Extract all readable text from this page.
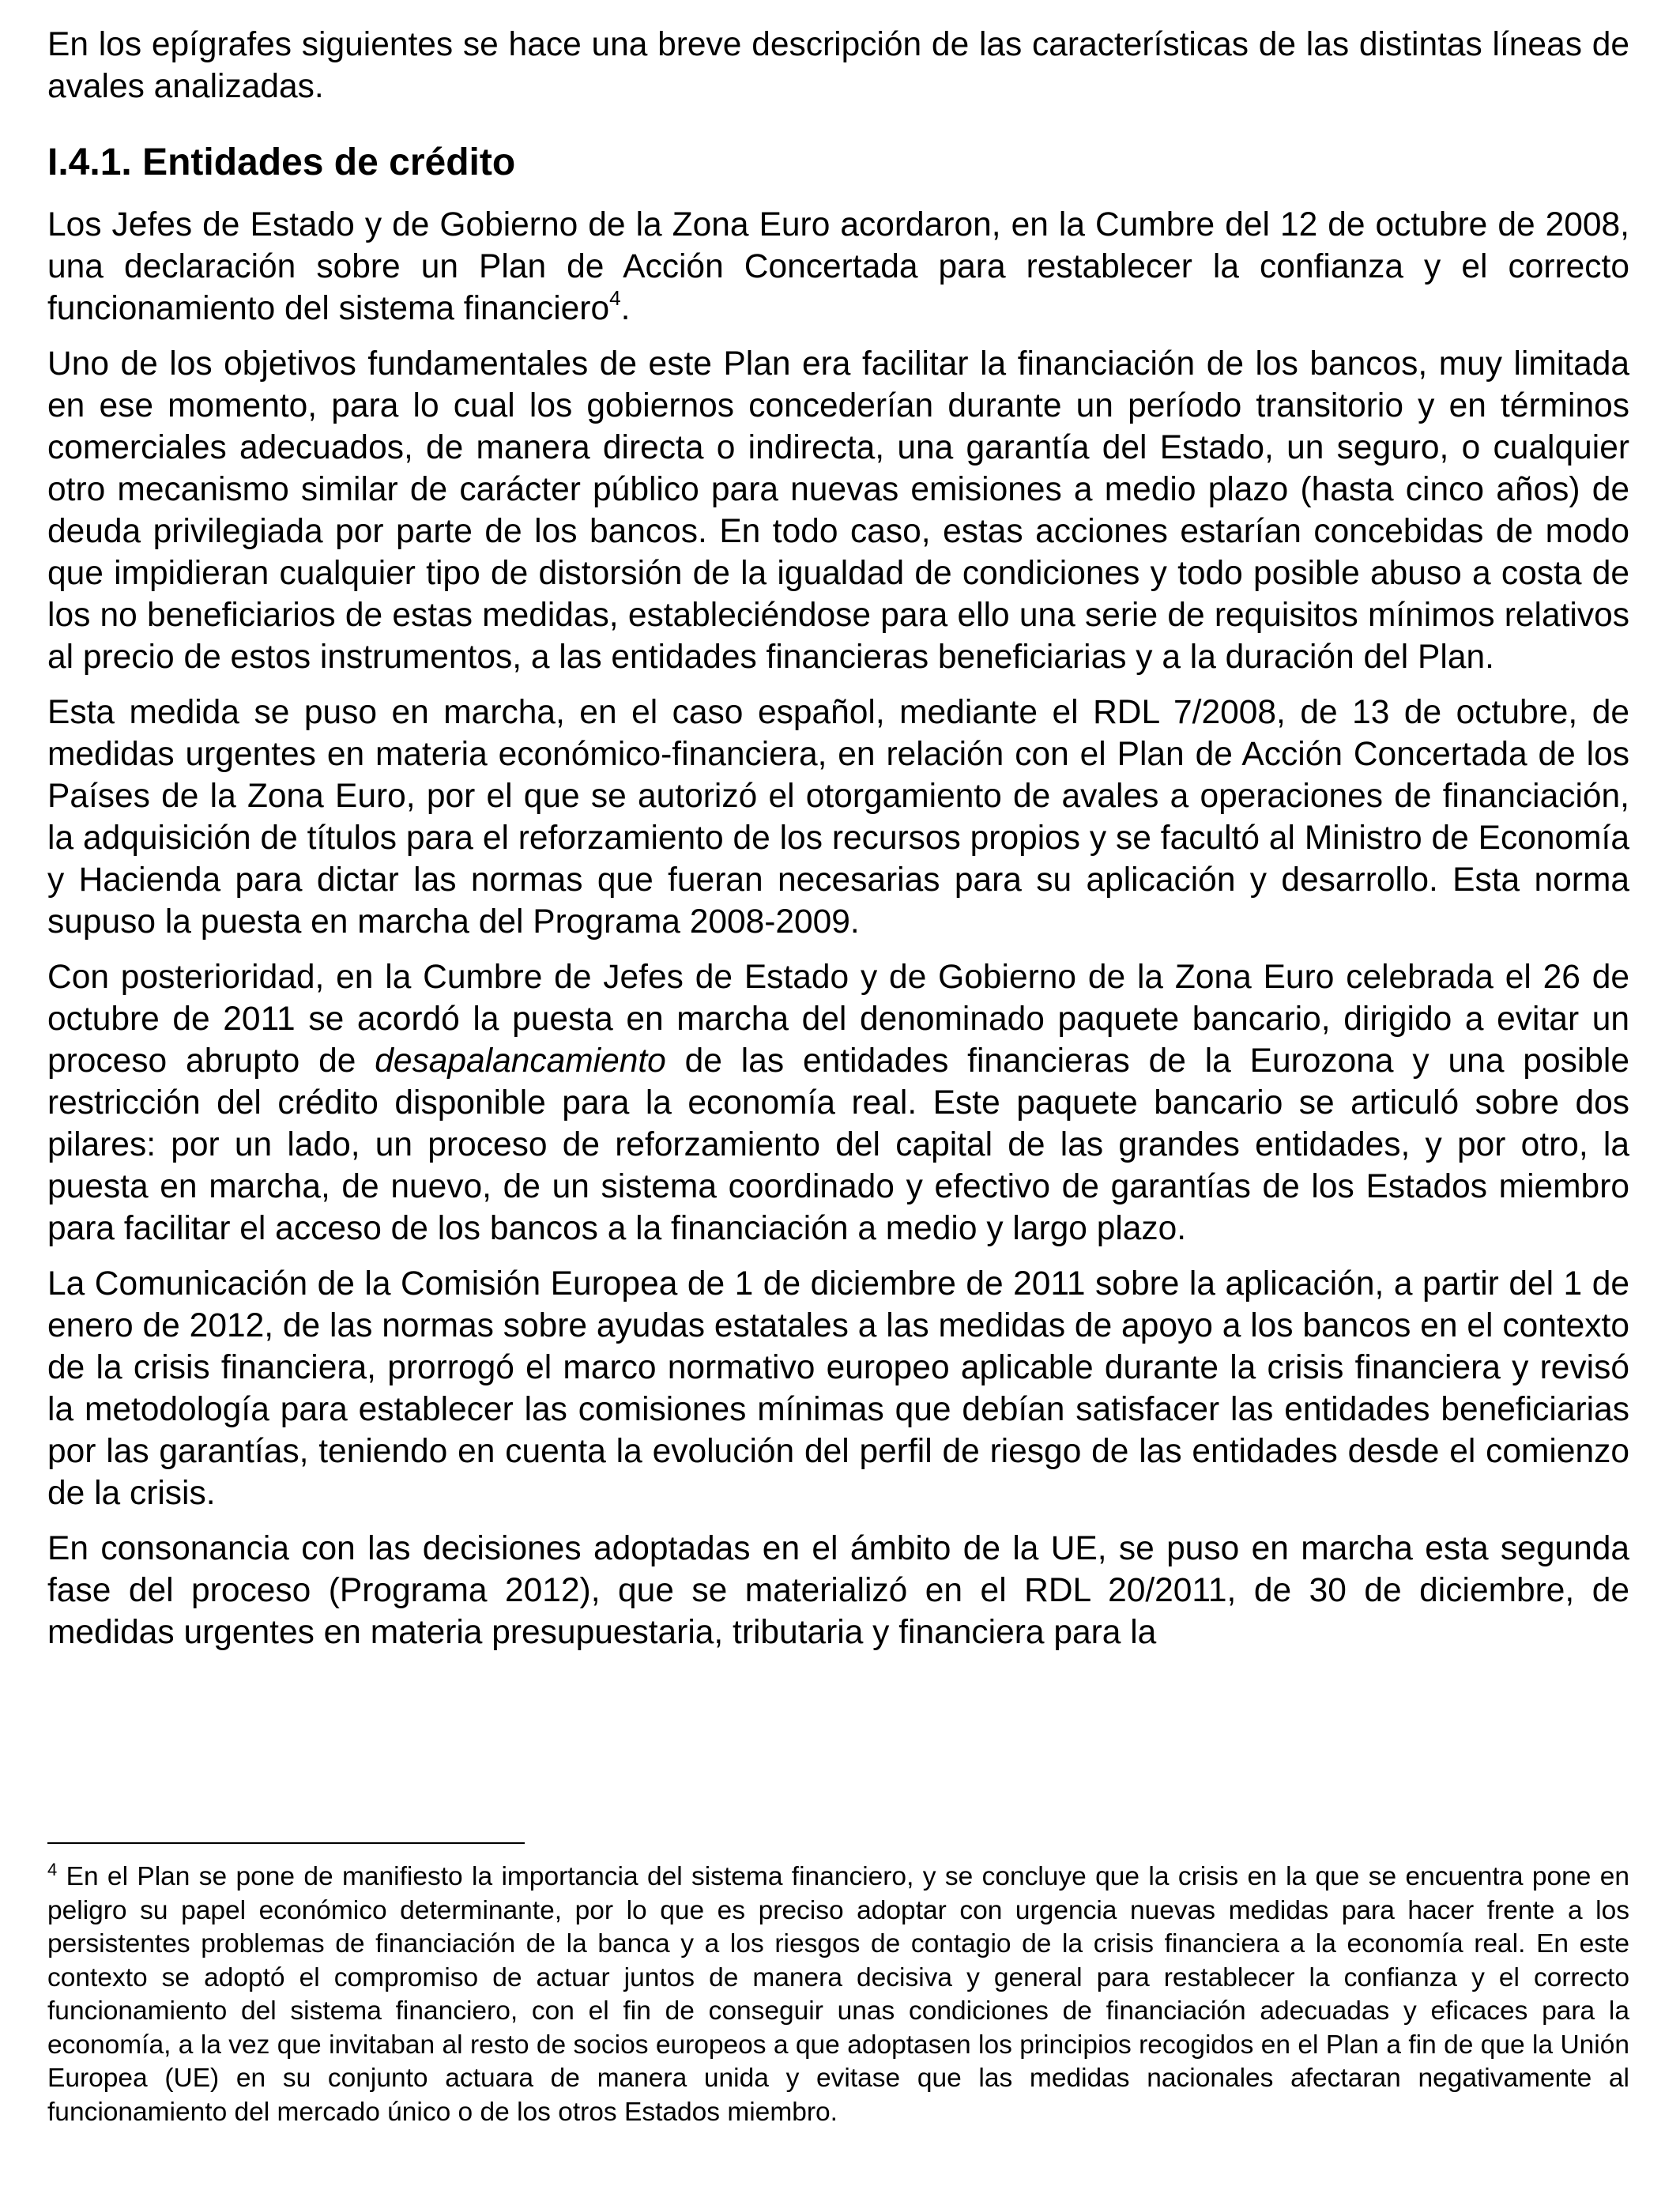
En los epígrafes siguientes se hace una breve descripción de las características de las distintas líneas de avales analizadas.

I.4.1. Entidades de crédito

Los Jefes de Estado y de Gobierno de la Zona Euro acordaron, en la Cumbre del 12 de octubre de 2008, una declaración sobre un Plan de Acción Concertada para restablecer la confianza y el correcto funcionamiento del sistema financiero$^4$.

Uno de los objetivos fundamentales de este Plan era facilitar la financiación de los bancos, muy limitada en ese momento, para lo cual los gobiernos concederían durante un período transitorio y en términos comerciales adecuados, de manera directa o indirecta, una garantía del Estado, un seguro, o cualquier otro mecanismo similar de carácter público para nuevas emisiones a medio plazo (hasta cinco años) de deuda privilegiada por parte de los bancos. En todo caso, estas acciones estarían concebidas de modo que impidieran cualquier tipo de distorsión de la igualdad de condiciones y todo posible abuso a costa de los no beneficiarios de estas medidas, estableciéndose para ello una serie de requisitos mínimos relativos al precio de estos instrumentos, a las entidades financieras beneficiarias y a la duración del Plan.

Esta medida se puso en marcha, en el caso español, mediante el RDL 7/2008, de 13 de octubre, de medidas urgentes en materia económico-financiera, en relación con el Plan de Acción Concertada de los Países de la Zona Euro, por el que se autorizó el otorgamiento de avales a operaciones de financiación, la adquisición de títulos para el reforzamiento de los recursos propios y se facultó al Ministro de Economía y Hacienda para dictar las normas que fueran necesarias para su aplicación y desarrollo. Esta norma supuso la puesta en marcha del Programa 2008-2009.

Con posterioridad, en la Cumbre de Jefes de Estado y de Gobierno de la Zona Euro celebrada el 26 de octubre de 2011 se acordó la puesta en marcha del denominado paquete bancario, dirigido a evitar un proceso abrupto de desapalancamiento de las entidades financieras de la Eurozona y una posible restricción del crédito disponible para la economía real. Este paquete bancario se articuló sobre dos pilares: por un lado, un proceso de reforzamiento del capital de las grandes entidades, y por otro, la puesta en marcha, de nuevo, de un sistema coordinado y efectivo de garantías de los Estados miembro para facilitar el acceso de los bancos a la financiación a medio y largo plazo.

La Comunicación de la Comisión Europea de 1 de diciembre de 2011 sobre la aplicación, a partir del 1 de enero de 2012, de las normas sobre ayudas estatales a las medidas de apoyo a los bancos en el contexto de la crisis financiera, prorrogó el marco normativo europeo aplicable durante la crisis financiera y revisó la metodología para establecer las comisiones mínimas que debían satisfacer las entidades beneficiarias por las garantías, teniendo en cuenta la evolución del perfil de riesgo de las entidades desde el comienzo de la crisis.

En consonancia con las decisiones adoptadas en el ámbito de la UE, se puso en marcha esta segunda fase del proceso (Programa 2012), que se materializó en el RDL 20/2011, de 30 de diciembre, de medidas urgentes en materia presupuestaria, tributaria y financiera para la

$^4$ En el Plan se pone de manifiesto la importancia del sistema financiero, y se concluye que la crisis en la que se encuentra pone en peligro su papel económico determinante, por lo que es preciso adoptar con urgencia nuevas medidas para hacer frente a los persistentes problemas de financiación de la banca y a los riesgos de contagio de la crisis financiera a la economía real. En este contexto se adoptó el compromiso de actuar juntos de manera decisiva y general para restablecer la confianza y el correcto funcionamiento del sistema financiero, con el fin de conseguir unas condiciones de financiación adecuadas y eficaces para la economía, a la vez que invitaban al resto de socios europeos a que adoptasen los principios recogidos en el Plan a fin de que la Unión Europea (UE) en su conjunto actuara de manera unida y evitase que las medidas nacionales afectaran negativamente al funcionamiento del mercado único o de los otros Estados miembro.
